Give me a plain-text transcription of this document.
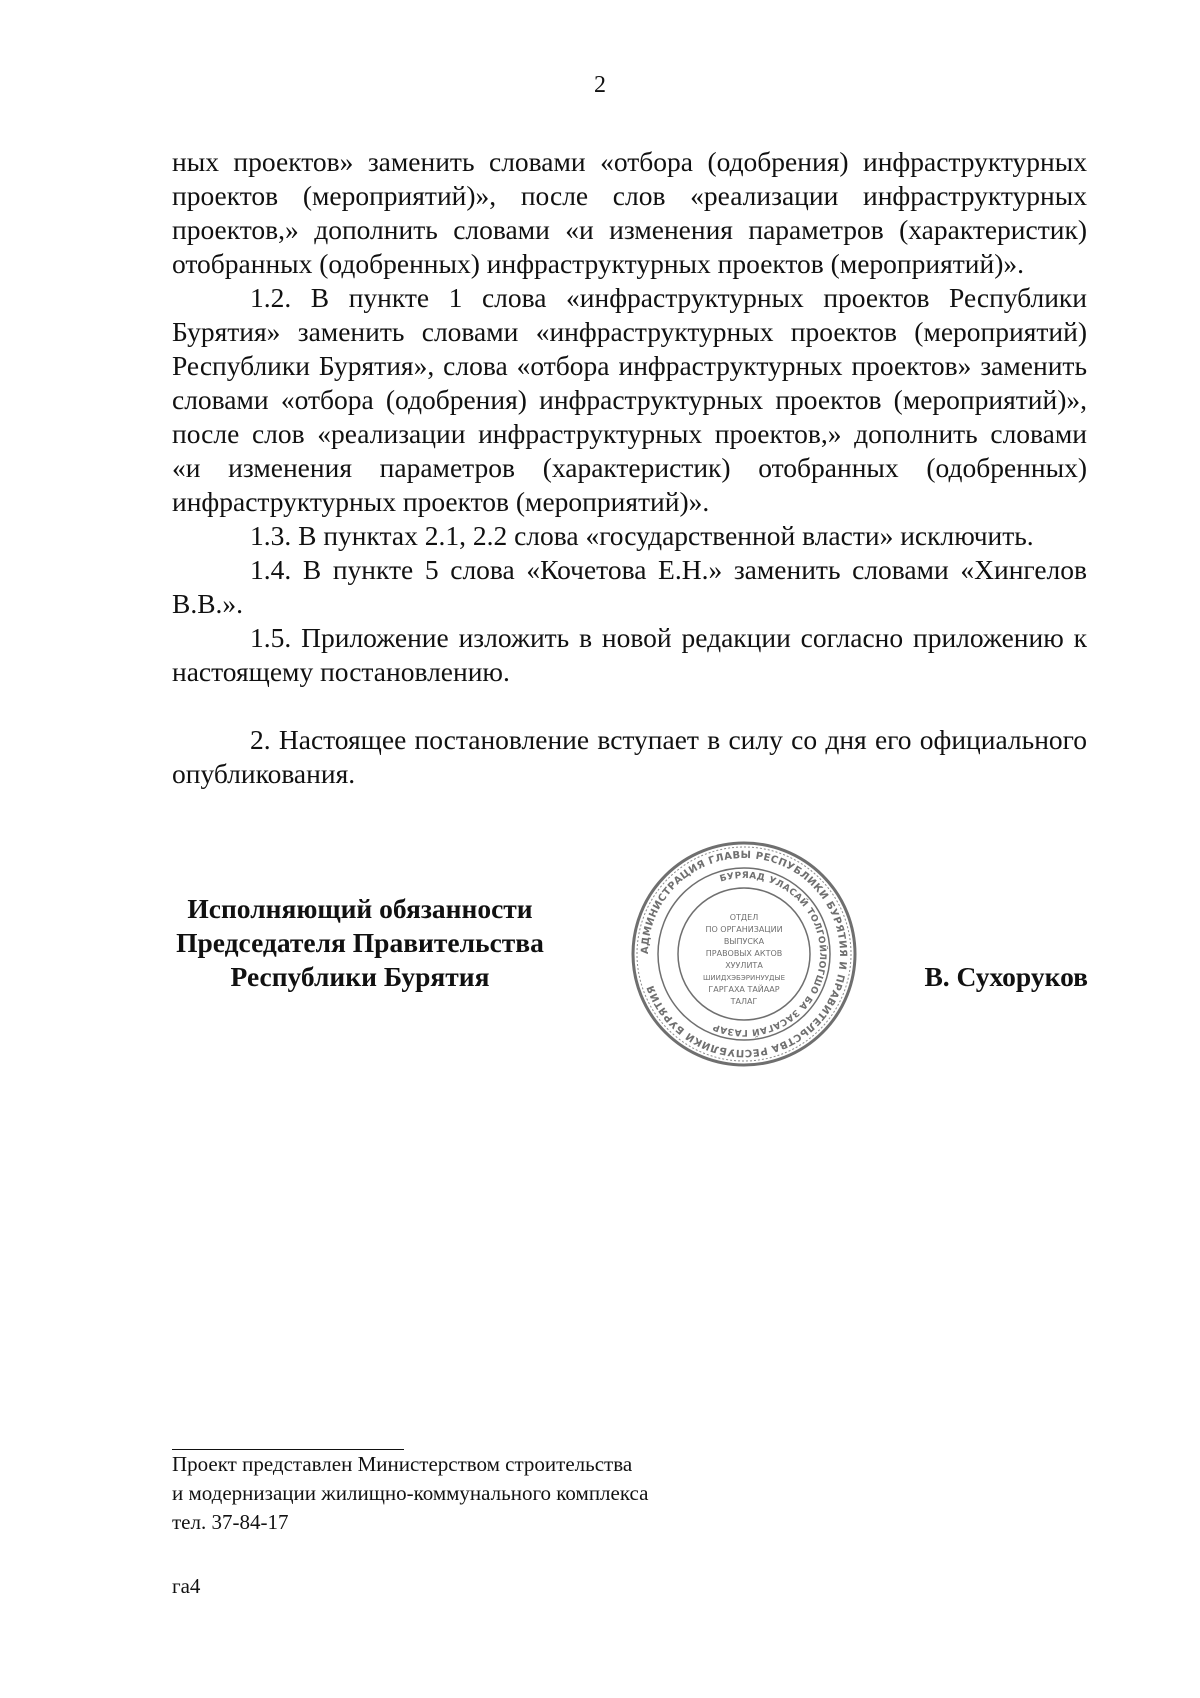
2

ных проектов» заменить словами «отбора (одобрения) инфраструктурных проектов (мероприятий)», после слов «реализации инфраструктурных проектов,» дополнить словами «и изменения параметров (характеристик) отобранных (одобренных) инфраструктурных проектов (мероприятий)».

1.2. В пункте 1 слова «инфраструктурных проектов Республики Бурятия» заменить словами «инфраструктурных проектов (мероприятий) Республики Бурятия», слова «отбора инфраструктурных проектов» заменить словами «отбора (одобрения) инфраструктурных проектов (мероприятий)», после слов «реализации инфраструктурных проектов,» дополнить словами «и изменения параметров (характеристик) отобранных (одобренных) инфраструктурных проектов (мероприятий)».

1.3. В пунктах 2.1, 2.2 слова «государственной власти» исключить.

1.4. В пункте 5 слова «Кочетова Е.Н.» заменить словами «Хингелов В.В.».

1.5. Приложение изложить в новой редакции согласно приложению к настоящему постановлению.

2. Настоящее постановление вступает в силу со дня его официального опубликования.

Исполняющий обязанности
Председателя Правительства
Республики Бурятия
АДМИНИСТРАЦИЯ ГЛАВЫ РЕСПУБЛИКИ БУРЯТИЯ И ПРАВИТЕЛЬСТВА РЕСПУБЛИКИ БУРЯТИЯ
БУРЯАД УЛАСАЙ ТОЛГОЙЛОГШО БА ЗАСАГАЙ ГАЗАР
ОТДЕЛ
ПО ОРГАНИЗАЦИИ
ВЫПУСКА
ПРАВОВЫХ АКТОВ
ХУУЛИТА
ШИИДХЭБЭРИНУУДЫЕ
ГАРГАХА ТАЙААР
ТАЛАГ
В. Сухоруков
Проект представлен Министерством строительства
и модернизации жилищно-коммунального комплекса
тел. 37-84-17
га4
